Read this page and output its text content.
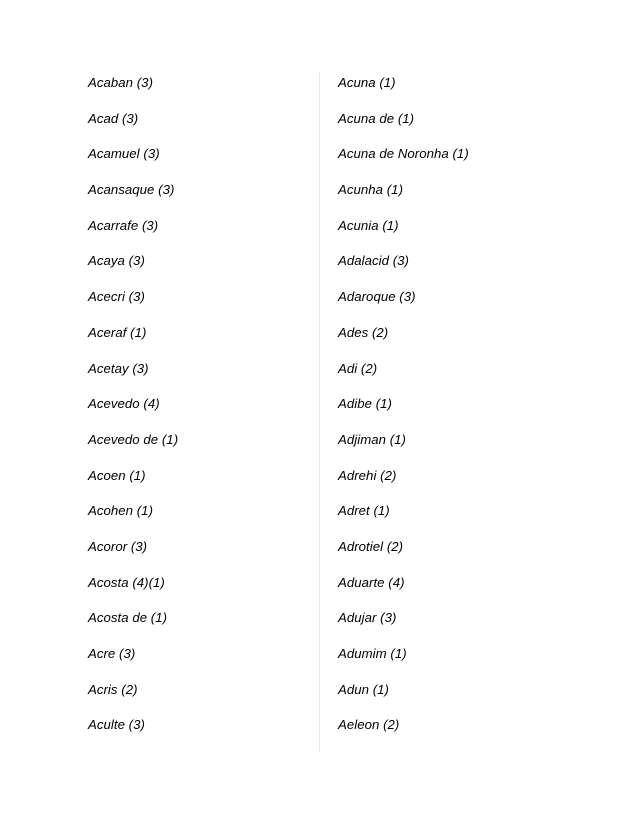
Acaban (3)
Acad (3)
Acamuel (3)
Acansaque (3)
Acarrafe (3)
Acaya (3)
Acecri (3)
Aceraf (1)
Acetay (3)
Acevedo (4)
Acevedo de (1)
Acoen (1)
Acohen (1)
Acoror (3)
Acosta (4)(1)
Acosta de (1)
Acre (3)
Acris (2)
Aculte (3)
Acuna (1)
Acuna de (1)
Acuna de Noronha (1)
Acunha (1)
Acunia (1)
Adalacid (3)
Adaroque (3)
Ades (2)
Adi (2)
Adibe (1)
Adjiman (1)
Adrehi (2)
Adret (1)
Adrotiel (2)
Aduarte (4)
Adujar (3)
Adumim (1)
Adun (1)
Aeleon (2)
